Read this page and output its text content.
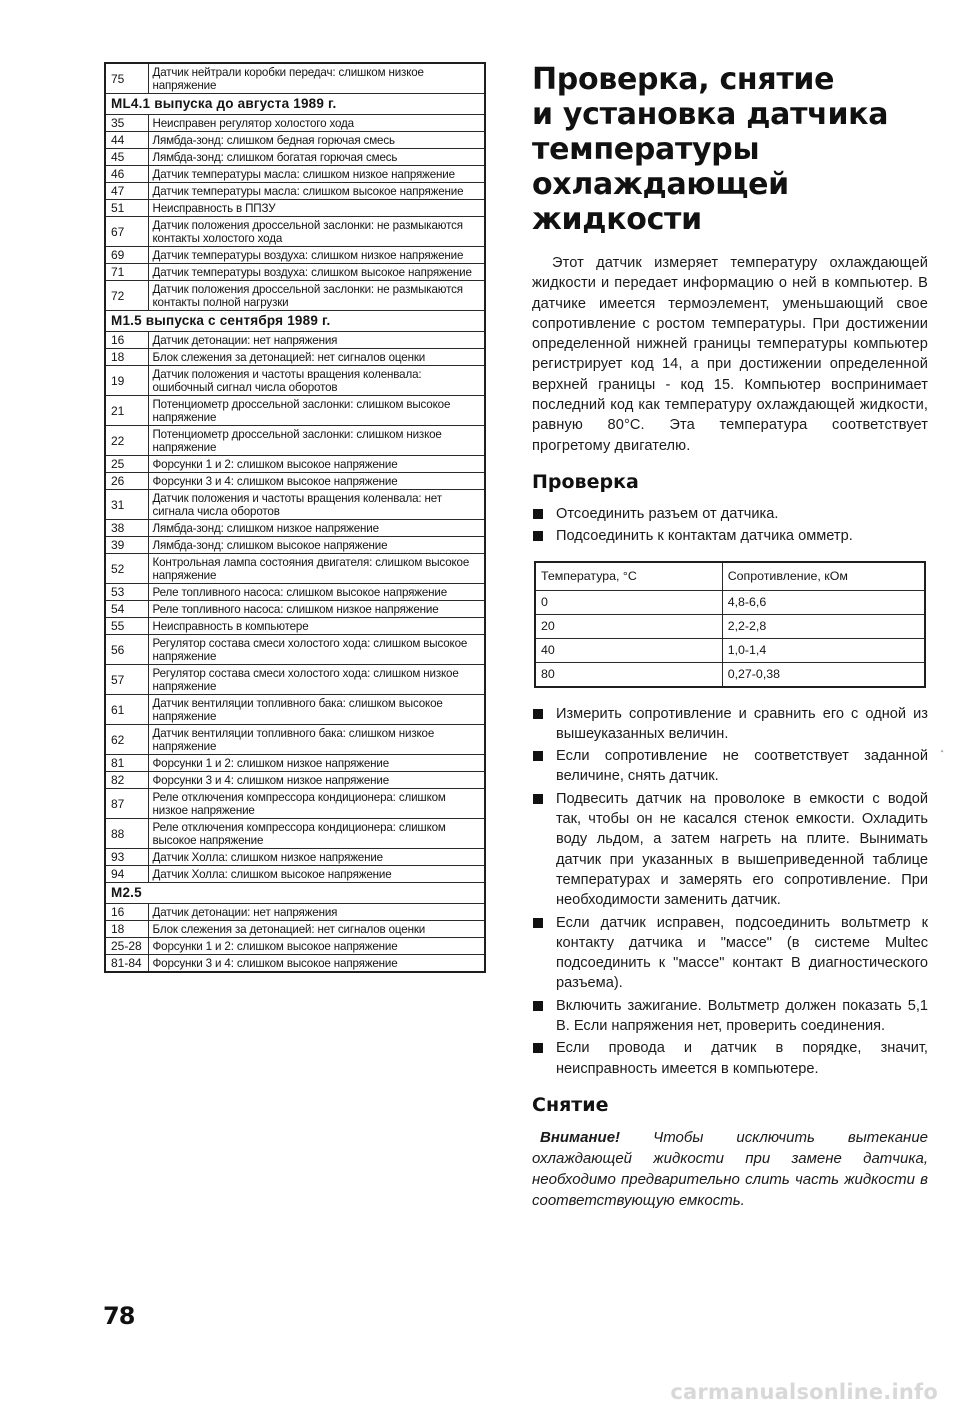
75	Датчик нейтрали коробки передач: слишком низкое напряжение
ML4.1 выпуска до августа 1989 г.	
35	Неисправен регулятор холостого хода
44	Лямбда-зонд: слишком бедная горючая смесь
45	Лямбда-зонд: слишком богатая горючая смесь
46	Датчик температуры масла: слишком низкое напряжение
47	Датчик температуры масла: слишком высокое напряжение
51	Неисправность в ППЗУ
67	Датчик положения дроссельной заслонки: не размыкаются контакты холостого хода
69	Датчик температуры воздуха: слишком низкое напряжение
71	Датчик температуры воздуха: слишком высокое напряжение
72	Датчик положения дроссельной заслонки: не размыкаются контакты полной нагрузки
M1.5 выпуска с сентября 1989 г.	
16	Датчик детонации: нет напряжения
18	Блок слежения за детонацией: нет сигналов оценки
19	Датчик положения и частоты вращения коленвала: ошибочный сигнал числа оборотов
21	Потенциометр дроссельной заслонки: слишком высокое напряжение
22	Потенциометр дроссельной заслонки: слишком низкое напряжение
25	Форсунки 1 и 2: слишком высокое напряжение
26	Форсунки 3 и 4: слишком высокое напряжение
31	Датчик положения и частоты вращения коленвала: нет сигнала числа оборотов
38	Лямбда-зонд: слишком низкое напряжение
39	Лямбда-зонд: слишком высокое напряжение
52	Контрольная лампа состояния двигателя: слишком высокое напряжение
53	Реле топливного насоса: слишком высокое напряжение
54	Реле топливного насоса: слишком низкое напряжение
55	Неисправность в компьютере
56	Регулятор состава смеси холостого хода: слишком высокое напряжение
57	Регулятор состава смеси холостого хода: слишком низкое напряжение
61	Датчик вентиляции топливного бака: слишком высокое напряжение
62	Датчик вентиляции топливного бака: слишком низкое напряжение
81	Форсунки 1 и 2: слишком низкое напряжение
82	Форсунки 3 и 4: слишком низкое напряжение
87	Реле отключения компрессора кондиционера: слишком низкое напряжение
88	Реле отключения компрессора кондиционера: слишком высокое напряжение
93	Датчик Холла: слишком низкое напряжение
94	Датчик Холла: слишком высокое напряжение
M2.5	
16	Датчик детонации: нет напряжения
18	Блок слежения за детонацией: нет сигналов оценки
25-28	Форсунки 1 и 2: слишком высокое напряжение
81-84	Форсунки 3 и 4: слишком высокое напряжение
Проверка, снятие
и установка датчика
температуры
охлаждающей
жидкости

Этот датчик измеряет температуру охлаждающей жидкости и передает информацию о ней в компьютер. В датчике имеется термоэлемент, уменьшающий свое сопротивление с ростом температуры. При достижении определенной нижней границы температуры компьютер регистрирует код 14, а при достижении определенной верхней границы - код 15. Компьютер воспринимает последний код как температуру охлаждающей жидкости, равную 80°С. Эта температура соответствует прогретому двигателю.

Проверка
Отсоединить разъем от датчика.
Подсоединить к контактам датчика омметр.
Температура, °С	Сопротивление, кОм
0	4,8-6,6
20	2,2-2,8
40	1,0-1,4
80	0,27-0,38
Измерить сопротивление и сравнить его с одной из вышеуказанных величин.
Если сопротивление не соответствует заданной величине, снять датчик.
Подвесить датчик на проволоке в емкости с водой так, чтобы он не касался стенок емкости. Охладить воду льдом, а затем нагреть на плите. Вынимать датчик при указанных в вышеприведенной таблице температурах и замерять его сопротивление. При необходимости заменить датчик.
Если датчик исправен, подсоединить вольтметр к контакту датчика и "массе" (в системе Multec подсоединить к "массе" контакт В диагностического разъема).
Включить зажигание. Вольтметр должен показать 5,1 В. Если напряжения нет, проверить соединения.
Если провода и датчик в порядке, значит, неисправность имеется в компьютере.
Снятие

Внимание! Чтобы исключить вытекание охлаждающей жидкости при замене датчика, необходимо предварительно слить часть жидкости в соответствующую емкость.

˛
78
carmanualsonline.info
